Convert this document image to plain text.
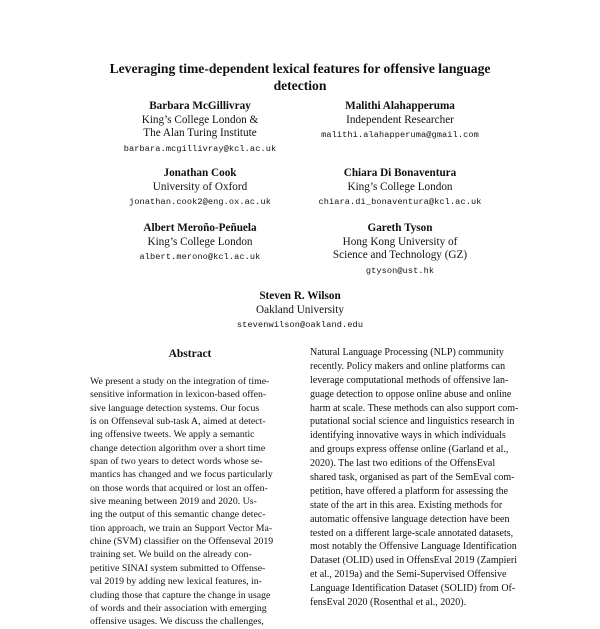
Leveraging time-dependent lexical features for offensive language
detection
Barbara McGillivray
King’s College London &
The Alan Turing Institute
barbara.mcgillivray@kcl.ac.uk
Malithi Alahapperuma
Independent Researcher
malithi.alahapperuma@gmail.com
Jonathan Cook
University of Oxford
jonathan.cook2@eng.ox.ac.uk
Chiara Di Bonaventura
King’s College London
chiara.di_bonaventura@kcl.ac.uk
Albert Meroño-Peñuela
King’s College London
albert.merono@kcl.ac.uk
Gareth Tyson
Hong Kong University of
Science and Technology (GZ)
gtyson@ust.hk
Steven R. Wilson
Oakland University
stevenwilson@oakland.edu
Abstract
We present a study on the integration of time-
sensitive information in lexicon-based offen-
sive language detection systems. Our focus
is on Offenseval sub-task A, aimed at detect-
ing offensive tweets. We apply a semantic
change detection algorithm over a short time
span of two years to detect words whose se-
mantics has changed and we focus particularly
on those words that acquired or lost an offen-
sive meaning between 2019 and 2020. Us-
ing the output of this semantic change detec-
tion approach, we train an Support Vector Ma-
chine (SVM) classifier on the Offenseval 2019
training set. We build on the already con-
petitive SINAI system submitted to Offense-
val 2019 by adding new lexical features, in-
cluding those that capture the change in usage
of words and their association with emerging
offensive usages. We discuss the challenges,
Natural Language Processing (NLP) community
recently. Policy makers and online platforms can
leverage computational methods of offensive lan-
guage detection to oppose online abuse and online
harm at scale. These methods can also support com-
putational social science and linguistics research in
identifying innovative ways in which individuals
and groups express offense online (Garland et al.,
2020). The last two editions of the OffensEval
shared task, organised as part of the SemEval com-
petition, have offered a platform for assessing the
state of the art in this area. Existing methods for
automatic offensive language detection have been
tested on a different large-scale annotated datasets,
most notably the Offensive Language Identification
Dataset (OLID) used in OffensEval 2019 (Zampieri
et al., 2019a) and the Semi-Supervised Offensive
Language Identification Dataset (SOLID) from Of-
fensEval 2020 (Rosenthal et al., 2020).
